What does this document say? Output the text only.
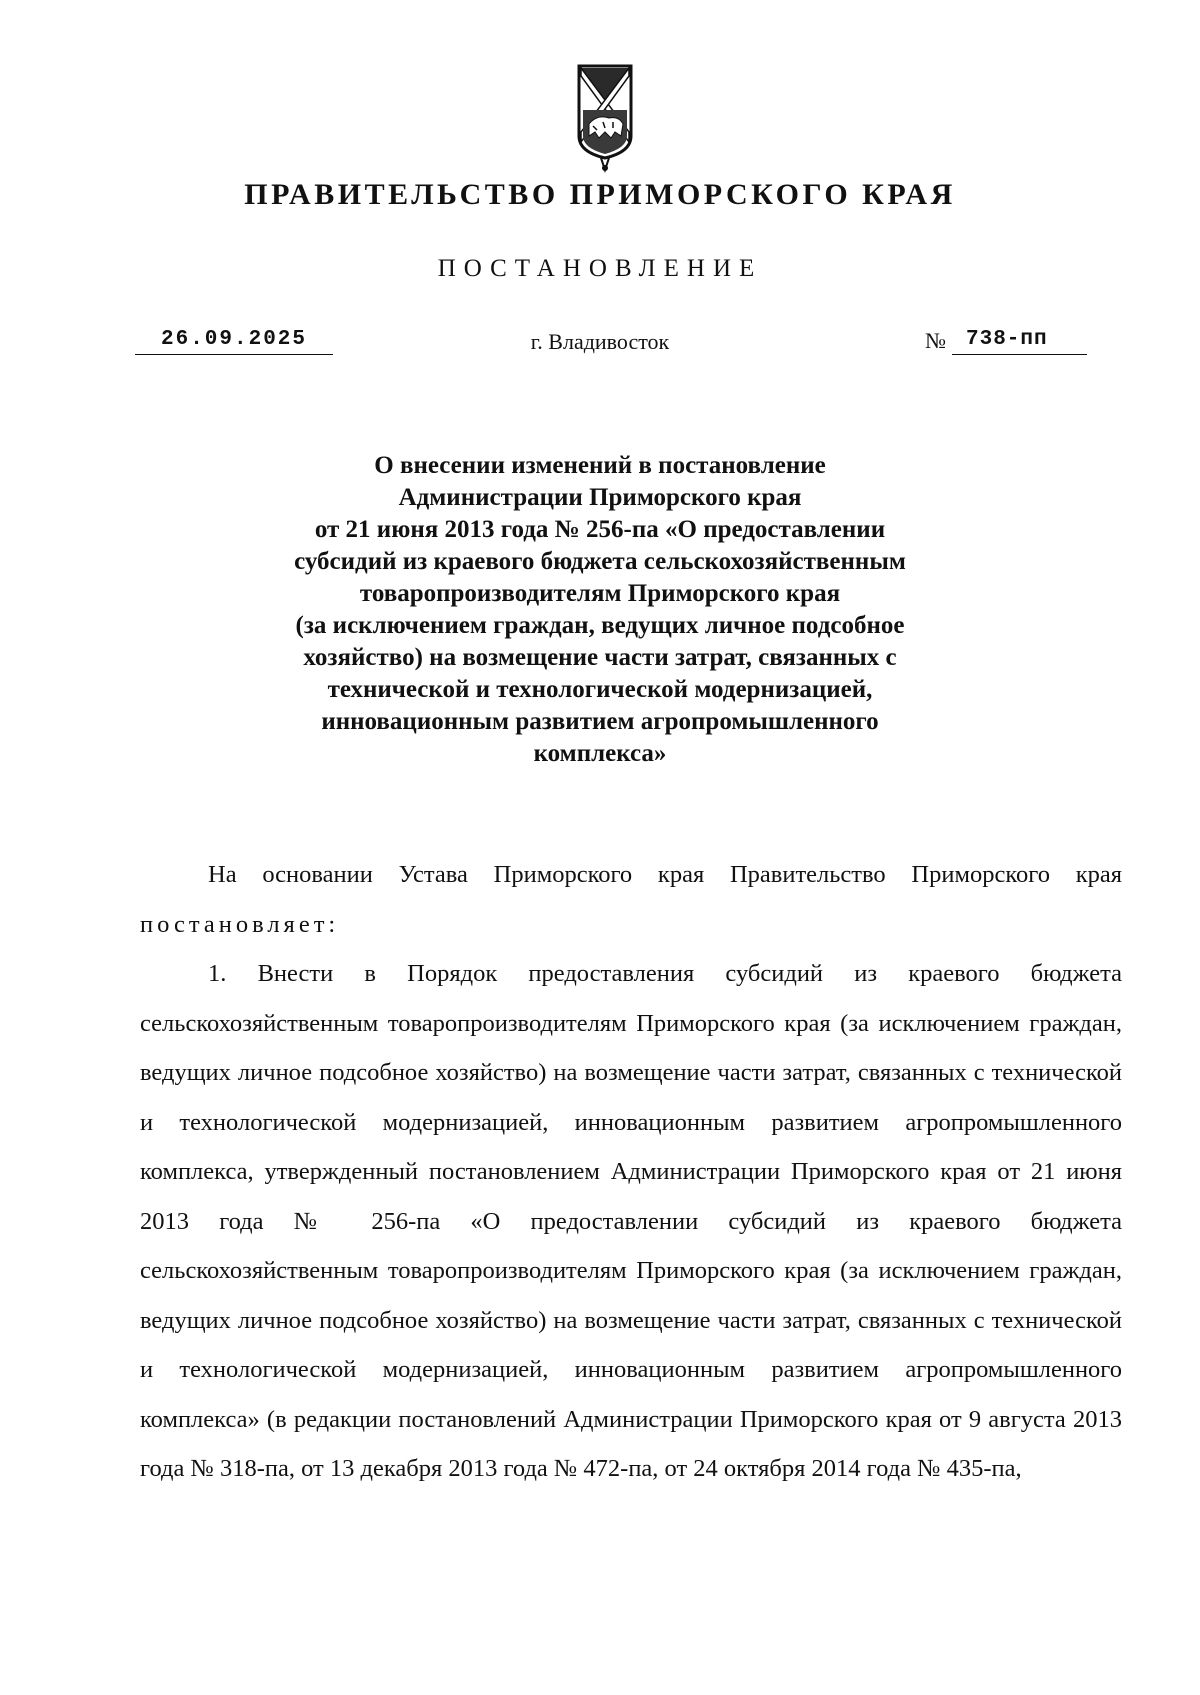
ПРАВИТЕЛЬСТВО ПРИМОРСКОГО КРАЯ
ПОСТАНОВЛЕНИЕ
26.09.2025	г. Владивосток	№ 738-пп
О внесении изменений в постановление
Администрации Приморского края
от 21 июня 2013 года № 256-па «О предоставлении
субсидий из краевого бюджета сельскохозяйственным
товаропроизводителям Приморского края
(за исключением граждан, ведущих личное подсобное
хозяйство) на возмещение части затрат, связанных с
технической и технологической модернизацией,
инновационным развитием агропромышленного
комплекса»

На основании Устава Приморского края Правительство Приморского края постановляет:

1. Внести в Порядок предоставления субсидий из краевого бюджета сельскохозяйственным товаропроизводителям Приморского края (за исключением граждан, ведущих личное подсобное хозяйство) на возмещение части затрат, связанных с технической и технологической модернизацией, инновационным развитием агропромышленного комплекса, утвержденный постановлением Администрации Приморского края от 21 июня 2013 года № 256-па «О предоставлении субсидий из краевого бюджета сельскохозяйственным товаропроизводителям Приморского края (за исключением граждан, ведущих личное подсобное хозяйство) на возмещение части затрат, связанных с технической и технологической модернизацией, инновационным развитием агропромышленного комплекса» (в редакции постановлений Администрации Приморского края от 9 августа 2013 года № 318-па, от 13 декабря 2013 года № 472-па, от 24 октября 2014 года № 435-па,
